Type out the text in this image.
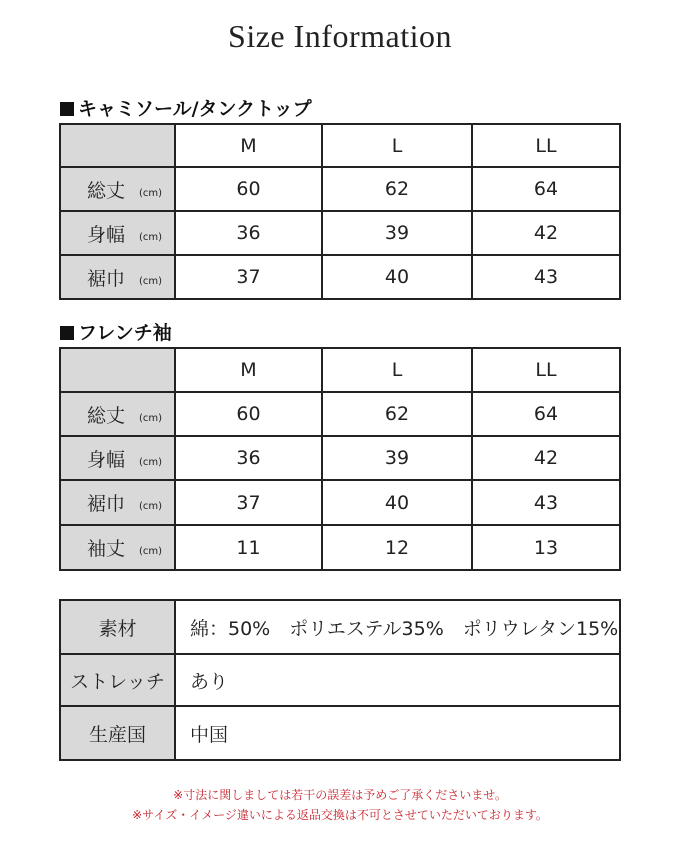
Size Information
キャミソール/タンクトップ
	M	L	LL
総丈 (cm)	60	62	64
身幅 (cm)	36	39	42
裾巾 (cm)	37	40	43
フレンチ袖
	M	L	LL
総丈 (cm)	60	62	64
身幅 (cm)	36	39	42
裾巾 (cm)	37	40	43
袖丈 (cm)	11	12	13
素材	綿：50%　ポリエステル35%　ポリウレタン15%
ストレッチ	あり
生産国	中国
※寸法に関しましては若干の誤差は予めご了承くださいませ。
※サイズ・イメージ違いによる返品交換は不可とさせていただいております。
